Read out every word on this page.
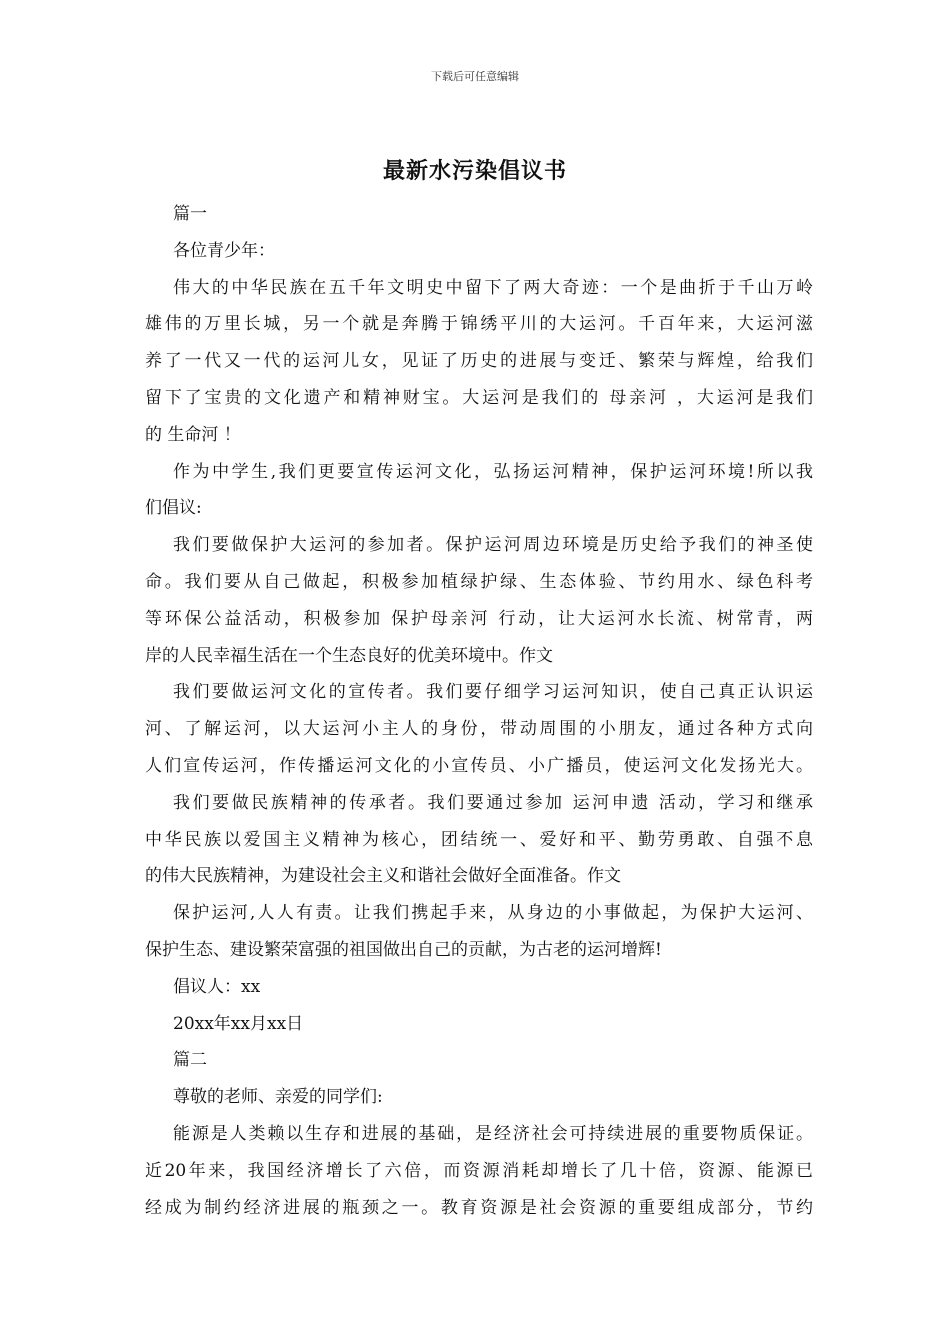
下载后可任意编辑
最新水污染倡议书
篇一
各位青少年：
伟大的中华民族在五千年文明史中留下了两大奇迹：一个是曲折于千山万岭
雄伟的万里长城，另一个就是奔腾于锦绣平川的大运河。千百年来，大运河滋
养了一代又一代的运河儿女，见证了历史的进展与变迁、繁荣与辉煌，给我们
留下了宝贵的文化遗产和精神财宝。大运河是我们的 母亲河 ，大运河是我们
的 生命河 ！
作为中学生,我们更要宣传运河文化，弘扬运河精神，保护运河环境!所以我
们倡议:
我们要做保护大运河的参加者。保护运河周边环境是历史给予我们的神圣使
命。我们要从自己做起，积极参加植绿护绿、生态体验、节约用水、绿色科考
等环保公益活动，积极参加 保护母亲河 行动，让大运河水长流、树常青，两
岸的人民幸福生活在一个生态良好的优美环境中。作文
我们要做运河文化的宣传者。我们要仔细学习运河知识，使自己真正认识运
河、了解运河，以大运河小主人的身份，带动周围的小朋友，通过各种方式向
人们宣传运河，作传播运河文化的小宣传员、小广播员，使运河文化发扬光大。
我们要做民族精神的传承者。我们要通过参加 运河申遗 活动，学习和继承
中华民族以爱国主义精神为核心，团结统一、爱好和平、勤劳勇敢、自强不息
的伟大民族精神，为建设社会主义和谐社会做好全面准备。作文
保护运河,人人有责。让我们携起手来，从身边的小事做起，为保护大运河、
保护生态、建设繁荣富强的祖国做出自己的贡献，为古老的运河增辉!
倡议人：xx
20xx年xx月xx日
篇二
尊敬的老师、亲爱的同学们:
能源是人类赖以生存和进展的基础，是经济社会可持续进展的重要物质保证。
近20年来，我国经济增长了六倍，而资源消耗却增长了几十倍，资源、能源已
经成为制约经济进展的瓶颈之一。教育资源是社会资源的重要组成部分，节约
